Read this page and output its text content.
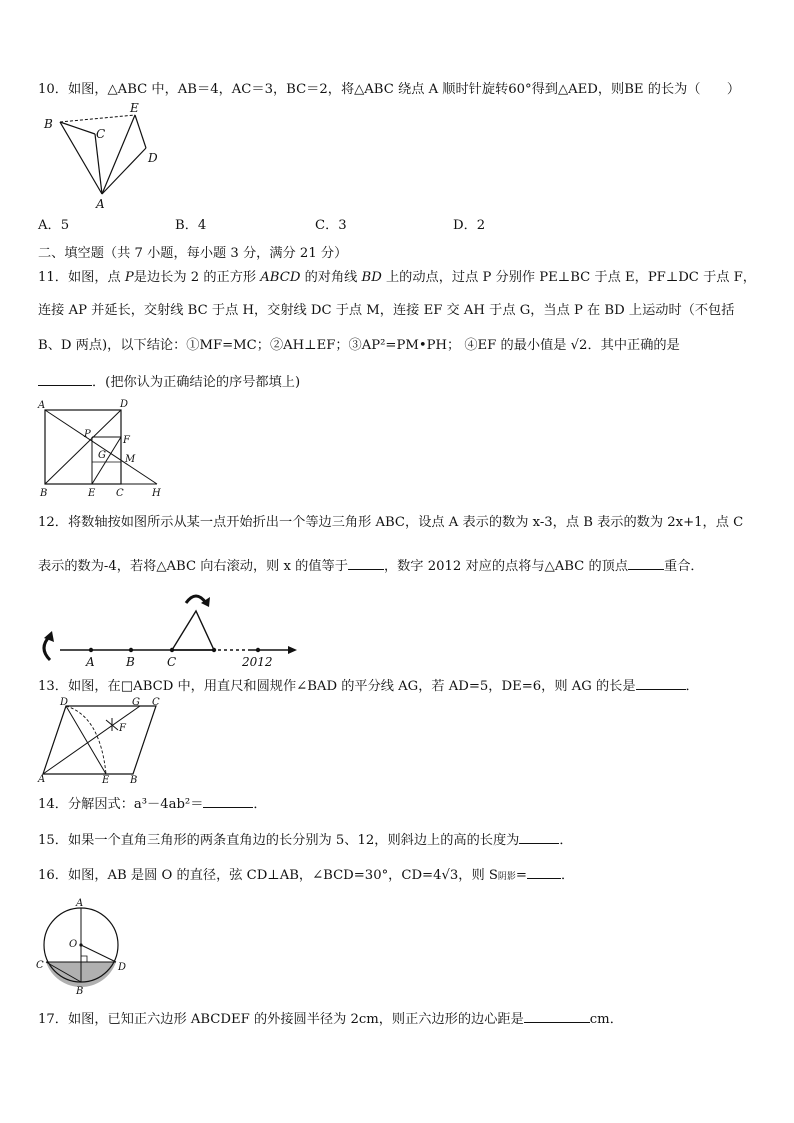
10．如图，△ABC 中，AB＝4，AC＝3，BC＝2，将△ABC 绕点 A 顺时针旋转60°得到△AED，则BE 的长为（　　）
B
C
E
D
A
A．5	B．4	C．3	D．2
二、填空题（共 7 小题，每小题 3 分，满分 21 分）
11．如图，点 P是边长为 2 的正方形 ABCD 的对角线 BD 上的动点，过点 P 分别作 PE⊥BC 于点 E，PF⊥DC 于点 F，
连接 AP 并延长，交射线 BC 于点 H，交射线 DC 于点 M，连接 EF 交 AH 于点 G，当点 P 在 BD 上运动时（不包括
B、D 两点)，以下结论：①MF=MC；②AH⊥EF；③AP²=PM•PH； ④EF 的最小值是 √2．其中正确的是
．(把你认为正确结论的序号都填上)
A	D
P
F
G M
B	E C	H
12．将数轴按如图所示从某一点开始折出一个等边三角形 ABC，设点 A 表示的数为 x-3，点 B 表示的数为 2x+1，点 C
表示的数为-4，若将△ABC 向右滚动，则 x 的值等于	，数字 2012 对应的点将与△ABC 的顶点	重合．
A	B	C	2012
13．如图，在□ABCD 中，用直尺和圆规作∠BAD 的平分线 AG，若 AD=5，DE=6，则 AG 的长是	．
D	G C
F
A	E B
14．分解因式：a³－4ab²＝	．
15．如果一个直角三角形的两条直角边的长分别为 5、12，则斜边上的高的长度为	．
16．如图，AB 是圆 O 的直径，弦 CD⊥AB，∠BCD=30°，CD=4√3，则 S阴影=	．
A
O
C	D
B
17．如图，已知正六边形 ABCDEF 的外接圆半径为 2cm，则正六边形的边心距是	cm．
